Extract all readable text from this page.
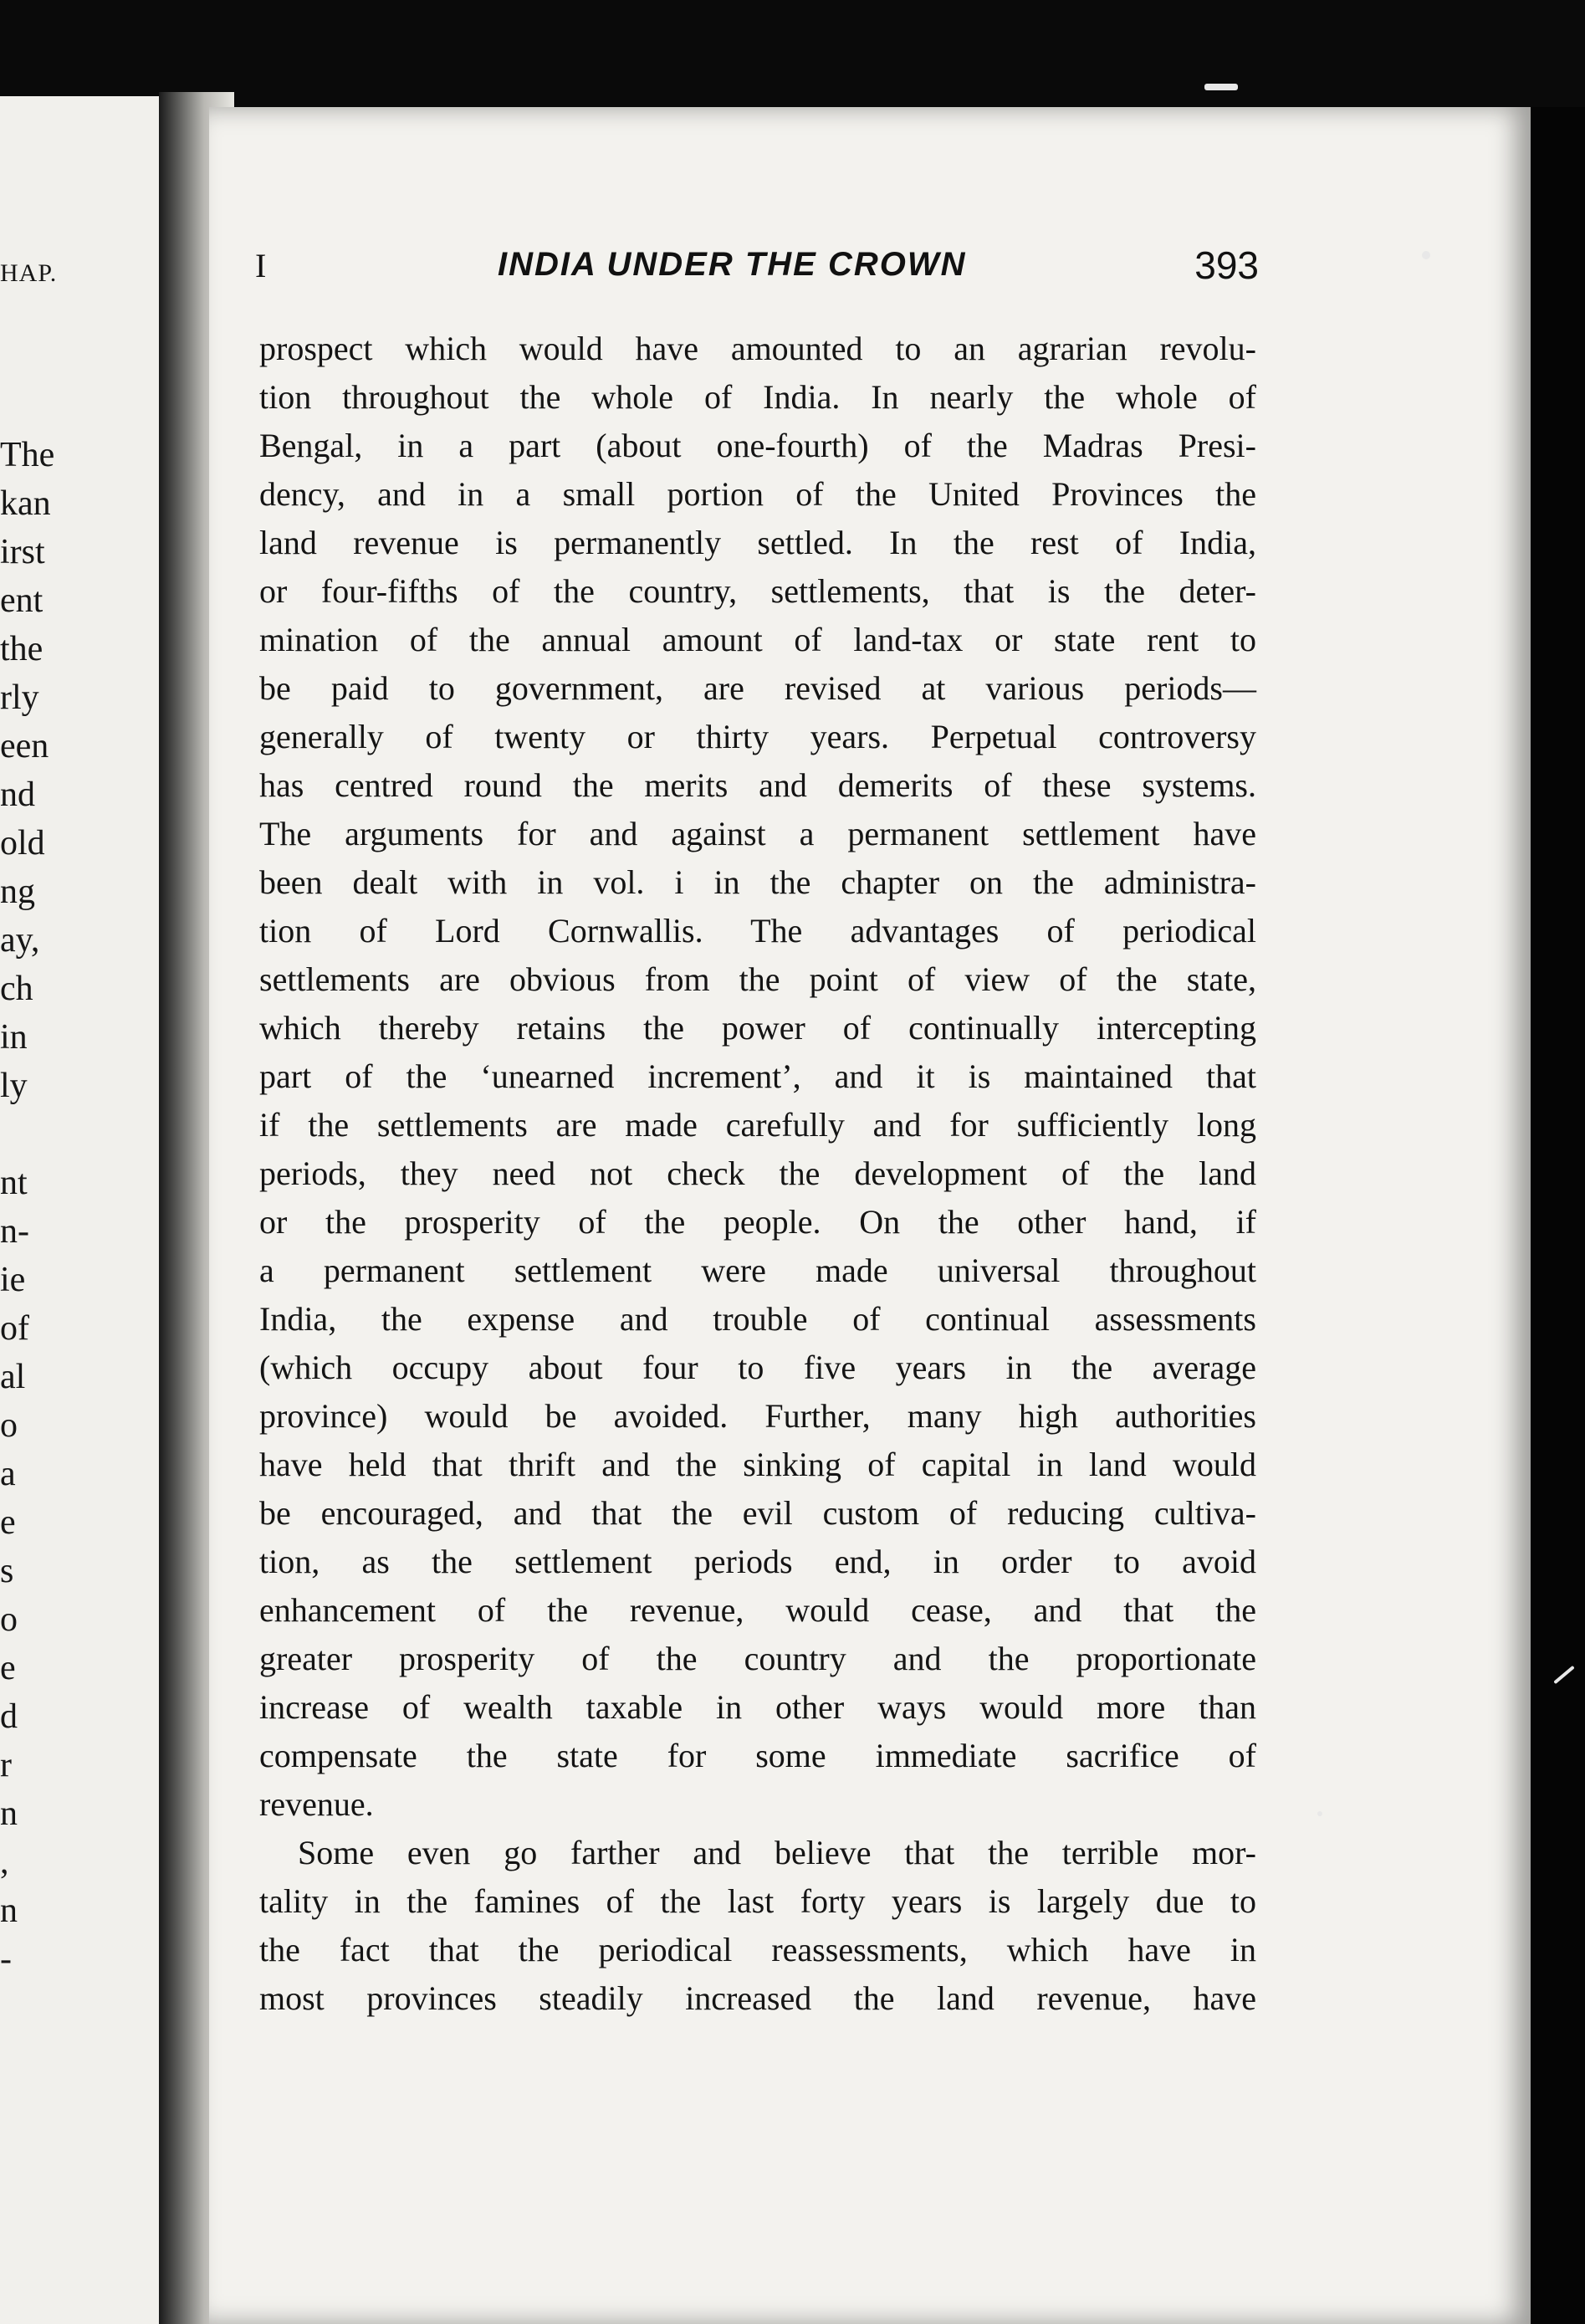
HAP.
The
kan
irst
ent
the
rly
een
nd
old
ng
ay,
ch
in
ly
nt
n-
ie
of
al
o
a
e
s
o
e
d
r
n
,
n
-
I	INDIA UNDER THE CROWN	393
prospect which would have amounted to an agrarian revolu-
tion throughout the whole of India. In nearly the whole of
Bengal, in a part (about one-fourth) of the Madras Presi-
dency, and in a small portion of the United Provinces the
land revenue is permanently settled. In the rest of India,
or four-fifths of the country, settlements, that is the deter-
mination of the annual amount of land-tax or state rent to
be paid to government, are revised at various periods—
generally of twenty or thirty years. Perpetual controversy
has centred round the merits and demerits of these systems.
The arguments for and against a permanent settlement have
been dealt with in vol. i in the chapter on the administra-
tion of Lord Cornwallis. The advantages of periodical
settlements are obvious from the point of view of the state,
which thereby retains the power of continually intercepting
part of the ‘unearned increment’, and it is maintained that
if the settlements are made carefully and for sufficiently long
periods, they need not check the development of the land
or the prosperity of the people. On the other hand, if
a permanent settlement were made universal throughout
India, the expense and trouble of continual assessments
(which occupy about four to five years in the average
province) would be avoided. Further, many high authorities
have held that thrift and the sinking of capital in land would
be encouraged, and that the evil custom of reducing cultiva-
tion, as the settlement periods end, in order to avoid
enhancement of the revenue, would cease, and that the
greater prosperity of the country and the proportionate
increase of wealth taxable in other ways would more than
compensate the state for some immediate sacrifice of
revenue.
Some even go farther and believe that the terrible mor-
tality in the famines of the last forty years is largely due to
the fact that the periodical reassessments, which have in
most provinces steadily increased the land revenue, have
